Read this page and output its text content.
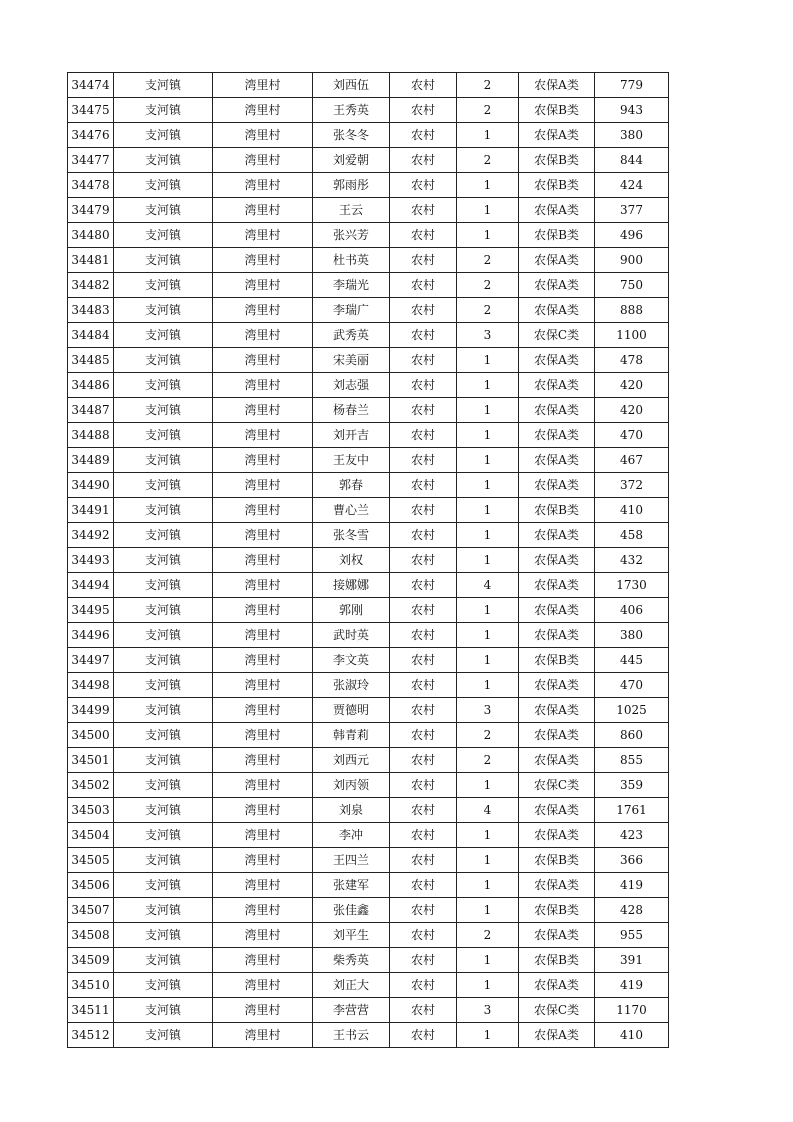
34474	支河镇	湾里村	刘西伍	农村	2	农保A类	779
34475	支河镇	湾里村	王秀英	农村	2	农保B类	943
34476	支河镇	湾里村	张冬冬	农村	1	农保A类	380
34477	支河镇	湾里村	刘爱朝	农村	2	农保B类	844
34478	支河镇	湾里村	郭雨彤	农村	1	农保B类	424
34479	支河镇	湾里村	王云	农村	1	农保A类	377
34480	支河镇	湾里村	张兴芳	农村	1	农保B类	496
34481	支河镇	湾里村	杜书英	农村	2	农保A类	900
34482	支河镇	湾里村	李瑞光	农村	2	农保A类	750
34483	支河镇	湾里村	李瑞广	农村	2	农保A类	888
34484	支河镇	湾里村	武秀英	农村	3	农保C类	1100
34485	支河镇	湾里村	宋美丽	农村	1	农保A类	478
34486	支河镇	湾里村	刘志强	农村	1	农保A类	420
34487	支河镇	湾里村	杨春兰	农村	1	农保A类	420
34488	支河镇	湾里村	刘开吉	农村	1	农保A类	470
34489	支河镇	湾里村	王友中	农村	1	农保A类	467
34490	支河镇	湾里村	郭春	农村	1	农保A类	372
34491	支河镇	湾里村	曹心兰	农村	1	农保B类	410
34492	支河镇	湾里村	张冬雪	农村	1	农保A类	458
34493	支河镇	湾里村	刘权	农村	1	农保A类	432
34494	支河镇	湾里村	接娜娜	农村	4	农保A类	1730
34495	支河镇	湾里村	郭刚	农村	1	农保A类	406
34496	支河镇	湾里村	武时英	农村	1	农保A类	380
34497	支河镇	湾里村	李文英	农村	1	农保B类	445
34498	支河镇	湾里村	张淑玲	农村	1	农保A类	470
34499	支河镇	湾里村	贾德明	农村	3	农保A类	1025
34500	支河镇	湾里村	韩青莉	农村	2	农保A类	860
34501	支河镇	湾里村	刘西元	农村	2	农保A类	855
34502	支河镇	湾里村	刘丙领	农村	1	农保C类	359
34503	支河镇	湾里村	刘泉	农村	4	农保A类	1761
34504	支河镇	湾里村	李冲	农村	1	农保A类	423
34505	支河镇	湾里村	王四兰	农村	1	农保B类	366
34506	支河镇	湾里村	张建军	农村	1	农保A类	419
34507	支河镇	湾里村	张佳鑫	农村	1	农保B类	428
34508	支河镇	湾里村	刘平生	农村	2	农保A类	955
34509	支河镇	湾里村	柴秀英	农村	1	农保B类	391
34510	支河镇	湾里村	刘正大	农村	1	农保A类	419
34511	支河镇	湾里村	李营营	农村	3	农保C类	1170
34512	支河镇	湾里村	王书云	农村	1	农保A类	410
